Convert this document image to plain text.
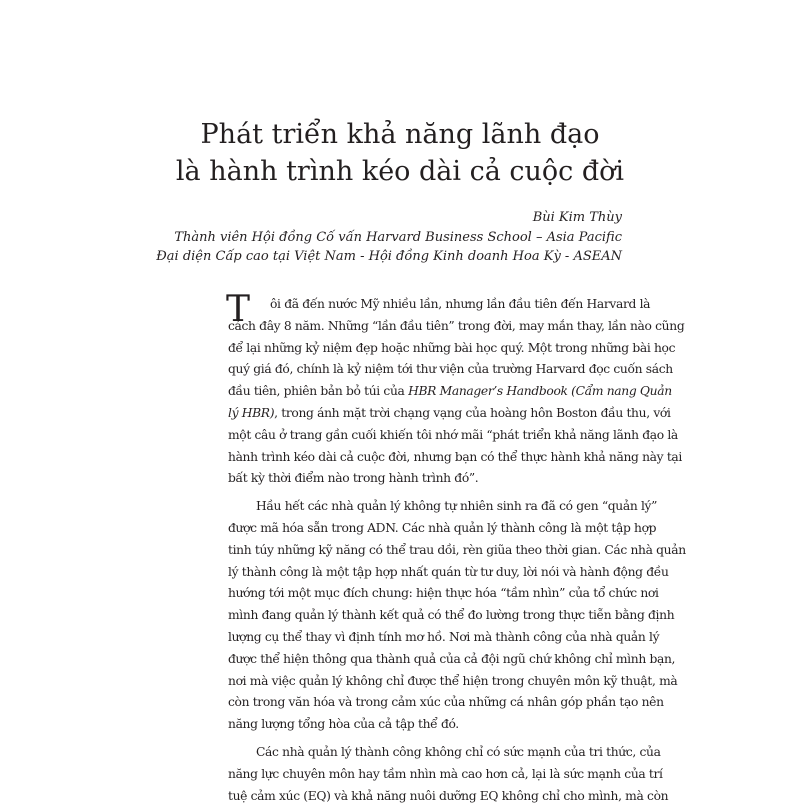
Phát triển khả năng lãnh đạo
là hành trình kéo dài cả cuộc đời
Bùi Kim Thùy
Thành viên Hội đồng Cố vấn Harvard Business School – Asia Pacific
Đại diện Cấp cao tại Việt Nam - Hội đồng Kinh doanh Hoa Kỳ - ASEAN
T	ôi đã đến nước Mỹ nhiều lần, nhưng lần đầu tiên đến Harvard là
cách đây 8 năm. Những “lần đầu tiên” trong đời, may mắn thay, lần nào cũng
để lại những kỷ niệm đẹp hoặc những bài học quý. Một trong những bài học
quý giá đó, chính là kỷ niệm tới thư viện của trường Harvard đọc cuốn sách
đầu tiên, phiên bản bỏ túi của HBR Manager’s Handbook (Cẩm nang Quản
lý HBR), trong ánh mặt trời chạng vạng của hoàng hôn Boston đầu thu, với
một câu ở trang gần cuối khiến tôi nhớ mãi “phát triển khả năng lãnh đạo là
hành trình kéo dài cả cuộc đời, nhưng bạn có thể thực hành khả năng này tại
bất kỳ thời điểm nào trong hành trình đó”.
Hầu hết các nhà quản lý không tự nhiên sinh ra đã có gen “quản lý”
được mã hóa sẵn trong ADN. Các nhà quản lý thành công là một tập hợp
tinh túy những kỹ năng có thể trau dồi, rèn giũa theo thời gian. Các nhà quản
lý thành công là một tập hợp nhất quán từ tư duy, lời nói và hành động đều
hướng tới một mục đích chung: hiện thực hóa “tầm nhìn” của tổ chức nơi
mình đang quản lý thành kết quả có thể đo lường trong thực tiễn bằng định
lượng cụ thể thay vì định tính mơ hồ. Nơi mà thành công của nhà quản lý
được thể hiện thông qua thành quả của cả đội ngũ chứ không chỉ mình bạn,
nơi mà việc quản lý không chỉ được thể hiện trong chuyên môn kỹ thuật, mà
còn trong văn hóa và trong cảm xúc của những cá nhân góp phần tạo nên
năng lượng tổng hòa của cả tập thể đó.
Các nhà quản lý thành công không chỉ có sức mạnh của tri thức, của
năng lực chuyên môn hay tầm nhìn mà cao hơn cả, lại là sức mạnh của trí
tuệ cảm xúc (EQ) và khả năng nuôi dưỡng EQ không chỉ cho mình, mà còn
